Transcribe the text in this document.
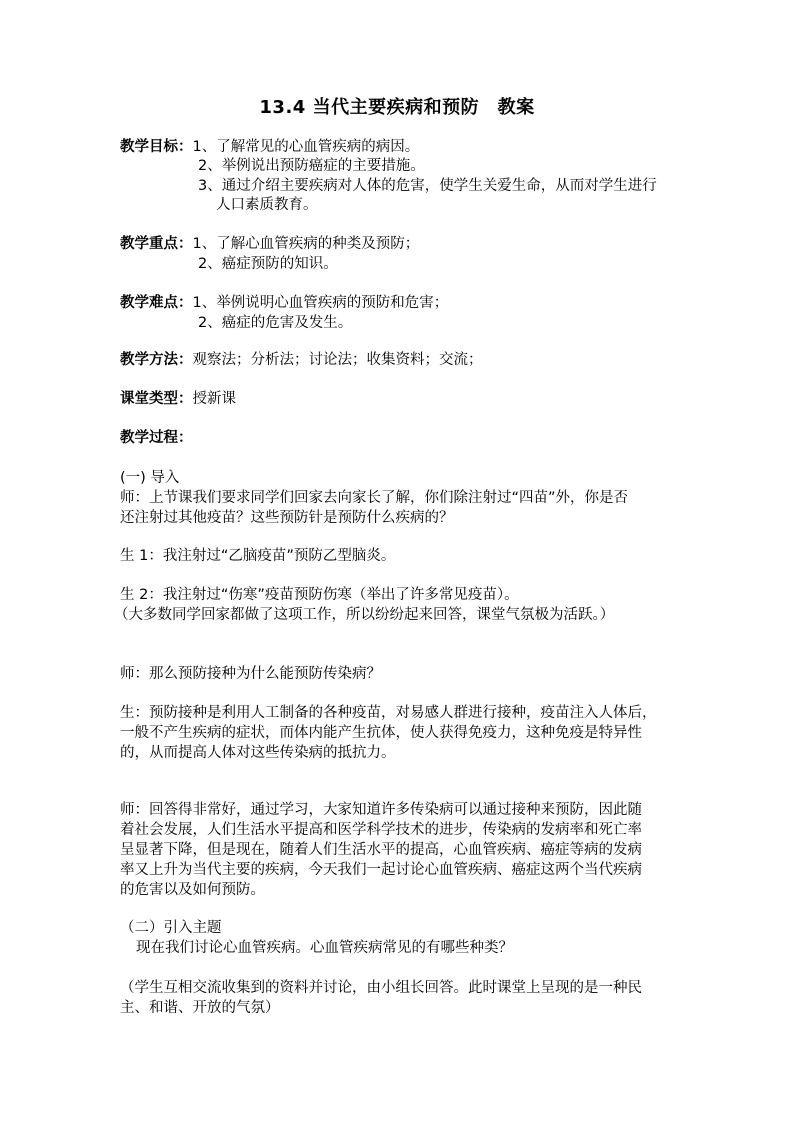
13.4 当代主要疾病和预防　教案
教学目标：1、了解常见的心血管疾病的病因。
2、举例说出预防癌症的主要措施。
3、通过介绍主要疾病对人体的危害，使学生关爱生命，从而对学生进行
人口素质教育。
教学重点：1、了解心血管疾病的种类及预防；
2、癌症预防的知识。
教学难点：1、举例说明心血管疾病的预防和危害；
2、癌症的危害及发生。
教学方法：观察法；分析法；讨论法；收集资料；交流；
课堂类型：授新课
教学过程：
(一) 导入
师：上节课我们要求同学们回家去向家长了解，你们除注射过“四苗”外，你是否
还注射过其他疫苗？这些预防针是预防什么疾病的？
生 1：我注射过“乙脑疫苗”预防乙型脑炎。
生 2：我注射过“伤寒”疫苗预防伤寒（举出了许多常见疫苗）。
（大多数同学回家都做了这项工作，所以纷纷起来回答，课堂气氛极为活跃。）
师：那么预防接种为什么能预防传染病？
生：预防接种是利用人工制备的各种疫苗，对易感人群进行接种，疫苗注入人体后，
一般不产生疾病的症状，而体内能产生抗体，使人获得免疫力，这种免疫是特异性
的，从而提高人体对这些传染病的抵抗力。
师：回答得非常好，通过学习，大家知道许多传染病可以通过接种来预防，因此随
着社会发展，人们生活水平提高和医学科学技术的进步，传染病的发病率和死亡率
呈显著下降，但是现在，随着人们生活水平的提高，心血管疾病、癌症等病的发病
率又上升为当代主要的疾病，今天我们一起讨论心血管疾病、癌症这两个当代疾病
的危害以及如何预防。
（二）引入主题
现在我们讨论心血管疾病。心血管疾病常见的有哪些种类？
（学生互相交流收集到的资料并讨论，由小组长回答。此时课堂上呈现的是一种民
主、和谐、开放的气氛）
